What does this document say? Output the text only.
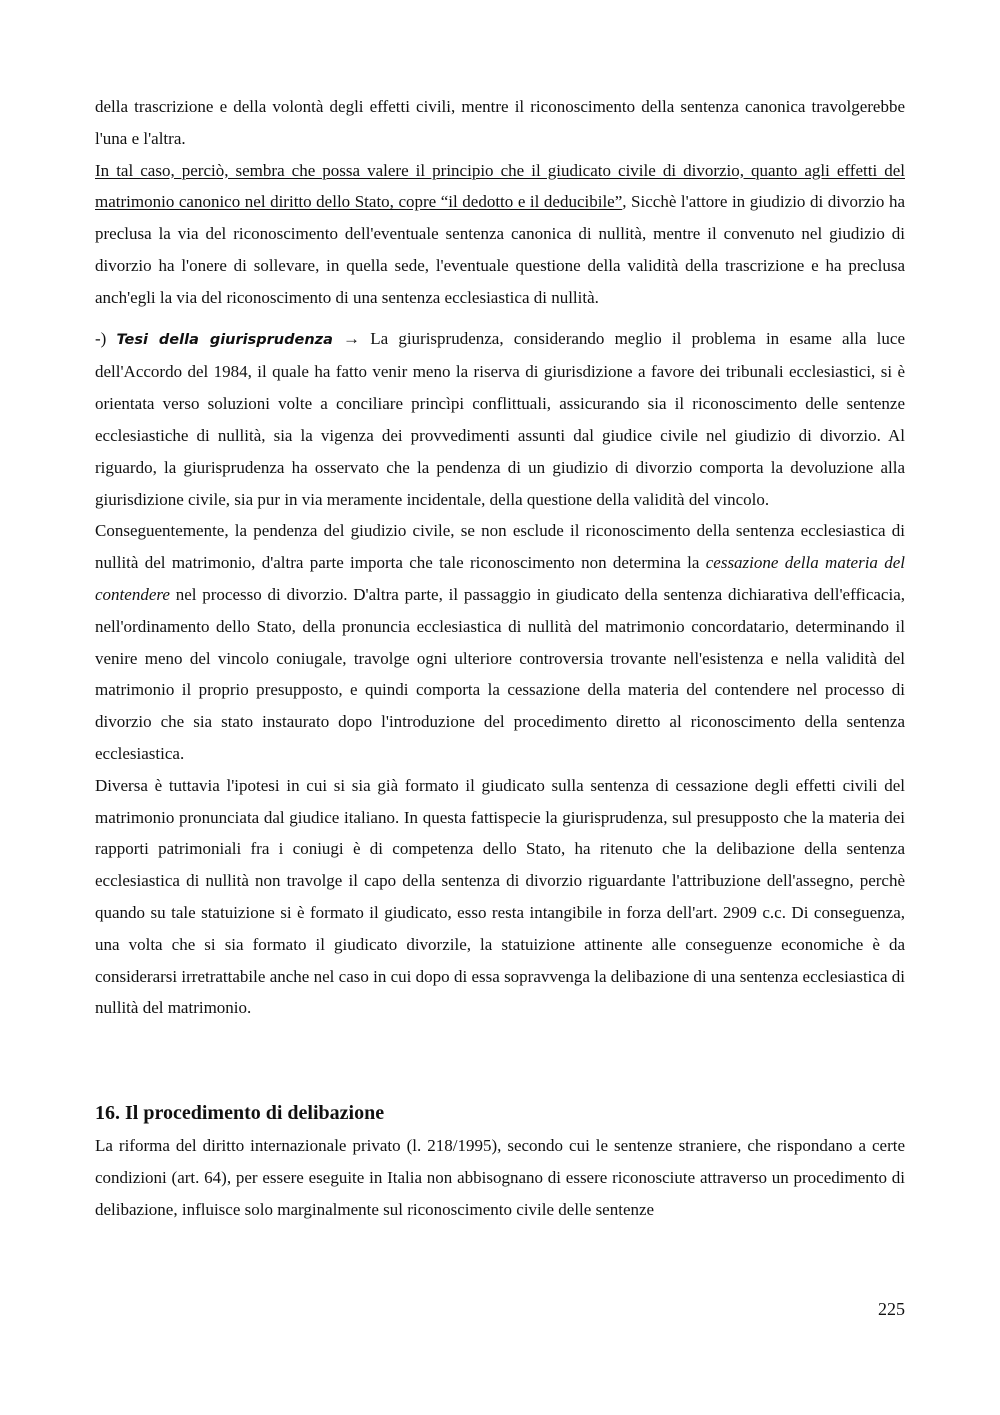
della trascrizione e della volontà degli effetti civili, mentre il riconoscimento della sentenza canonica travolgerebbe l'una e l'altra.

In tal caso, perciò, sembra che possa valere il principio che il giudicato civile di divorzio, quanto agli effetti del matrimonio canonico nel diritto dello Stato, copre “il dedotto e il deducibile”, Sicchè l'attore in giudizio di divorzio ha preclusa la via del riconoscimento dell'eventuale sentenza canonica di nullità, mentre il convenuto nel giudizio di divorzio ha l'onere di sollevare, in quella sede, l'eventuale questione della validità della trascrizione e ha preclusa anch'egli la via del riconoscimento di una sentenza ecclesiastica di nullità.

-) Tesi della giurisprudenza → La giurisprudenza, considerando meglio il problema in esame alla luce dell'Accordo del 1984, il quale ha fatto venir meno la riserva di giurisdizione a favore dei tribunali ecclesiastici, si è orientata verso soluzioni volte a conciliare princìpi conflittuali, assicurando sia il riconoscimento delle sentenze ecclesiastiche di nullità, sia la vigenza dei provvedimenti assunti dal giudice civile nel giudizio di divorzio. Al riguardo, la giurisprudenza ha osservato che la pendenza di un giudizio di divorzio comporta la devoluzione alla giurisdizione civile, sia pur in via meramente incidentale, della questione della validità del vincolo.

Conseguentemente, la pendenza del giudizio civile, se non esclude il riconoscimento della sentenza ecclesiastica di nullità del matrimonio, d'altra parte importa che tale riconoscimento non determina la cessazione della materia del contendere nel processo di divorzio. D'altra parte, il passaggio in giudicato della sentenza dichiarativa dell'efficacia, nell'ordinamento dello Stato, della pronuncia ecclesiastica di nullità del matrimonio concordatario, determinando il venire meno del vincolo coniugale, travolge ogni ulteriore controversia trovante nell'esistenza e nella validità del matrimonio il proprio presupposto, e quindi comporta la cessazione della materia del contendere nel processo di divorzio che sia stato instaurato dopo l'introduzione del procedimento diretto al riconoscimento della sentenza ecclesiastica.

Diversa è tuttavia l'ipotesi in cui si sia già formato il giudicato sulla sentenza di cessazione degli effetti civili del matrimonio pronunciata dal giudice italiano. In questa fattispecie la giurisprudenza, sul presupposto che la materia dei rapporti patrimoniali fra i coniugi è di competenza dello Stato, ha ritenuto che la delibazione della sentenza ecclesiastica di nullità non travolge il capo della sentenza di divorzio riguardante l'attribuzione dell'assegno, perchè quando su tale statuizione si è formato il giudicato, esso resta intangibile in forza dell'art. 2909 c.c. Di conseguenza, una volta che si sia formato il giudicato divorzile, la statuizione attinente alle conseguenze economiche è da considerarsi irretrattabile anche nel caso in cui dopo di essa sopravvenga la delibazione di una sentenza ecclesiastica di nullità del matrimonio.

16. Il procedimento di delibazione

La riforma del diritto internazionale privato (l. 218/1995), secondo cui le sentenze straniere, che rispondano a certe condizioni (art. 64), per essere eseguite in Italia non abbisognano di essere riconosciute attraverso un procedimento di delibazione, influisce solo marginalmente sul riconoscimento civile delle sentenze

225
